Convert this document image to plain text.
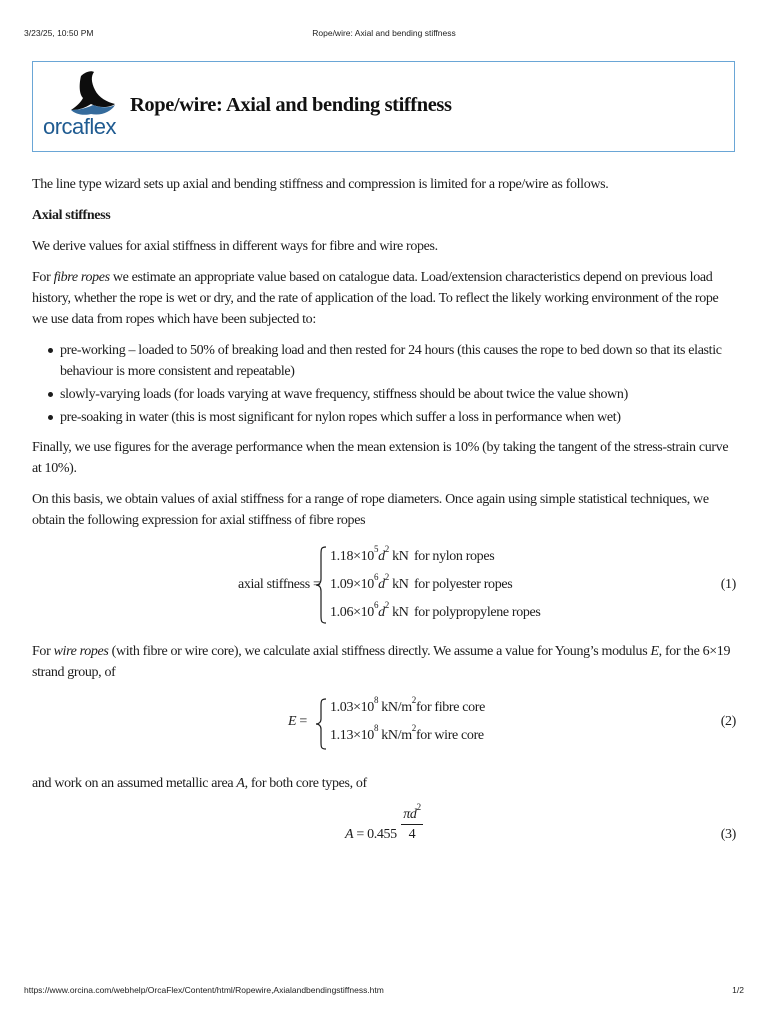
3/23/25, 10:50 PM	Rope/wire: Axial and bending stiffness
orcaflex
Rope/wire: Axial and bending stiffness

The line type wizard sets up axial and bending stiffness and compression is limited for a rope/wire as follows.

Axial stiffness

We derive values for axial stiffness in different ways for fibre and wire ropes.

For fibre ropes we estimate an appropriate value based on catalogue data. Load/extension characteristics depend on previous load history, whether the rope is wet or dry, and the rate of application of the load. To reflect the likely working environment of the rope we use data from ropes which have been subjected to:

pre-working – loaded to 50% of breaking load and then rested for 24 hours (this causes the rope to bed down so that its elastic behaviour is more consistent and repeatable)
slowly-varying loads (for loads varying at wave frequency, stiffness should be about twice the value shown)
pre-soaking in water (this is most significant for nylon ropes which suffer a loss in performance when wet)

Finally, we use figures for the average performance when the mean extension is 10% (by taking the tangent of the stress-strain curve at 10%).

On this basis, we obtain values of axial stiffness for a range of rope diameters. Once again using simple statistical techniques, we obtain the following expression for axial stiffness of fibre ropes

axial stiffness =
$1.18\times 10^5d^2$ kN for nylon ropes
$1.09\times 10^6d^2$ kN for polyester ropes
$1.06\times 10^6d^2$ kN for polypropylene ropes
(1)

For wire ropes (with fibre or wire core), we calculate axial stiffness directly. We assume a value for Young’s modulus E, for the 6×19 strand group, of

E =
$1.03\times 10^8$ $kN/m^2$ for fibre core
$1.13\times 10^8$ $kN/m^2$ for wire core
(2)

and work on an assumed metallic area A, for both core types, of

$A = 0.455 \frac{\pi d^2}{4}$	(3)
https://www.orcina.com/webhelp/OrcaFlex/Content/html/Ropewire,Axialandbendingstiffness.htm	1/2
